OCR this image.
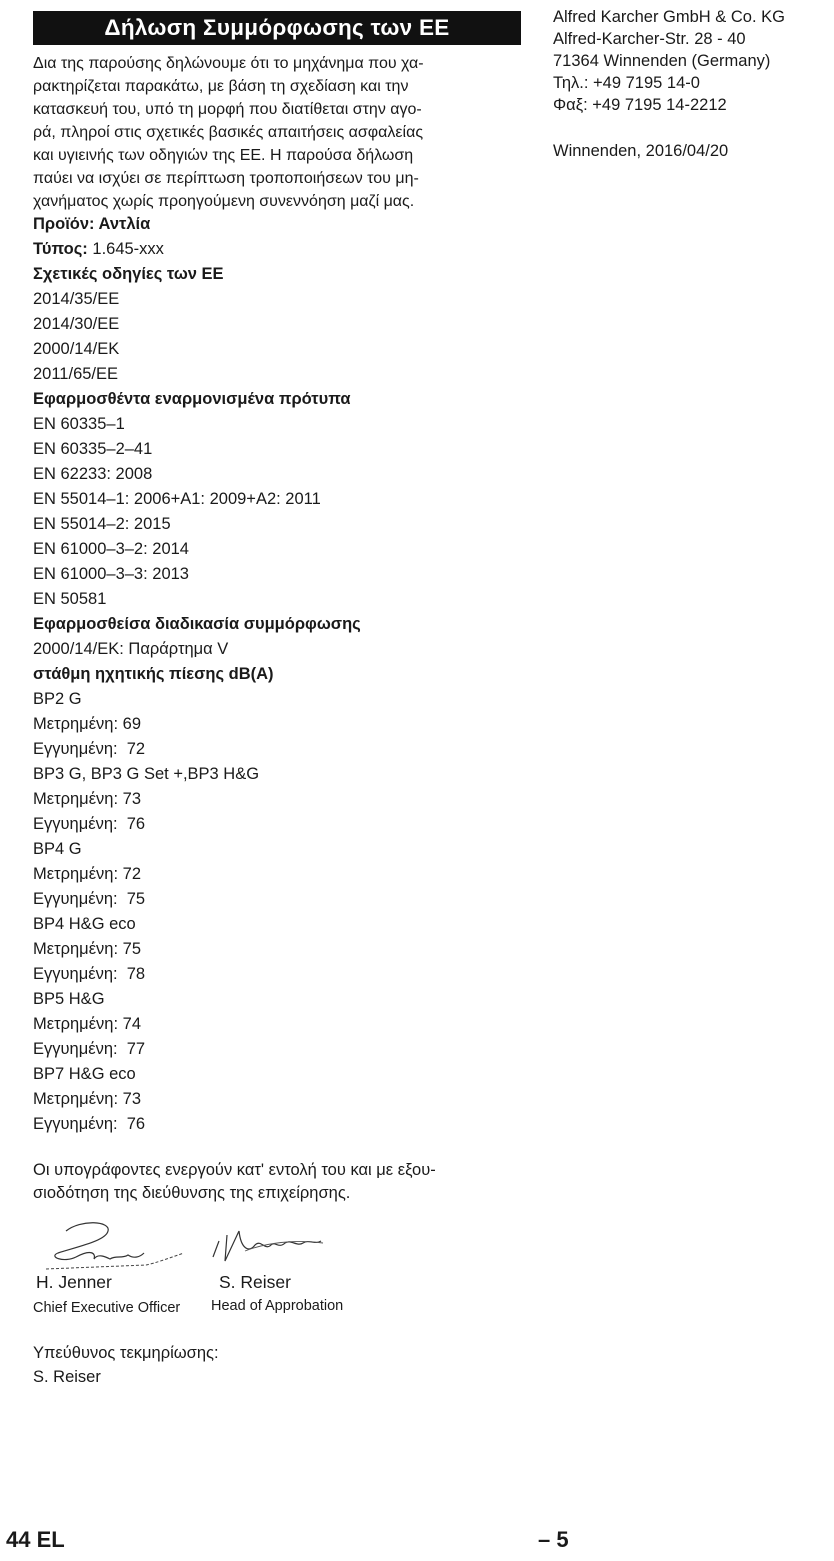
Δήλωση Συμμόρφωσης των ΕΕ
Δια της παρούσης δηλώνουμε ότι το μηχάνημα που χα-
ρακτηρίζεται παρακάτω, με βάση τη σχεδίαση και την
κατασκευή του, υπό τη μορφή που διατίθεται στην αγο-
ρά, πληροί στις σχετικές βασικές απαιτήσεις ασφαλείας
και υγιεινής των οδηγιών της ΕΕ. Η παρούσα δήλωση
παύει να ισχύει σε περίπτωση τροποποιήσεων του μη-
χανήματος χωρίς προηγούμενη συνεννόηση μαζί μας.
Προϊόν: Αντλία
Τύπος: 1.645-xxx
Σχετικές οδηγίες των ΕΕ
2014/35/EE
2014/30/EE
2000/14/EK
2011/65/EE
Εφαρμοσθέντα εναρμονισμένα πρότυπα
EN 60335–1
EN 60335–2–41
EN 62233: 2008
EN 55014–1: 2006+A1: 2009+A2: 2011
EN 55014–2: 2015
EN 61000–3–2: 2014
EN 61000–3–3: 2013
EN 50581
Εφαρμοσθείσα διαδικασία συμμόρφωσης
2000/14/EK: Παράρτημα V
στάθμη ηχητικής πίεσης dB(A)
BP2 G
Μετρημένη: 69
Εγγυημένη:  72
BP3 G, BP3 G Set +,BP3 H&G
Μετρημένη: 73
Εγγυημένη:  76
BP4 G
Μετρημένη: 72
Εγγυημένη:  75
BP4 H&G eco
Μετρημένη: 75
Εγγυημένη:  78
BP5 H&G
Μετρημένη: 74
Εγγυημένη:  77
BP7 H&G eco
Μετρημένη: 73
Εγγυημένη:  76
Οι υπογράφοντες ενεργούν κατ' εντολή του και με εξου-
σιοδότηση της διεύθυνσης της επιχείρησης.
H. Jenner
Chief Executive Officer
S. Reiser
Head of Approbation
Υπεύθυνος τεκμηρίωσης:
S. Reiser
Alfred Karcher GmbH & Co. KG
Alfred-Karcher-Str. 28 - 40
71364 Winnenden (Germany)
Τηλ.: +49 7195 14-0
Φαξ: +49 7195 14-2212
Winnenden, 2016/04/20
44 EL	– 5
